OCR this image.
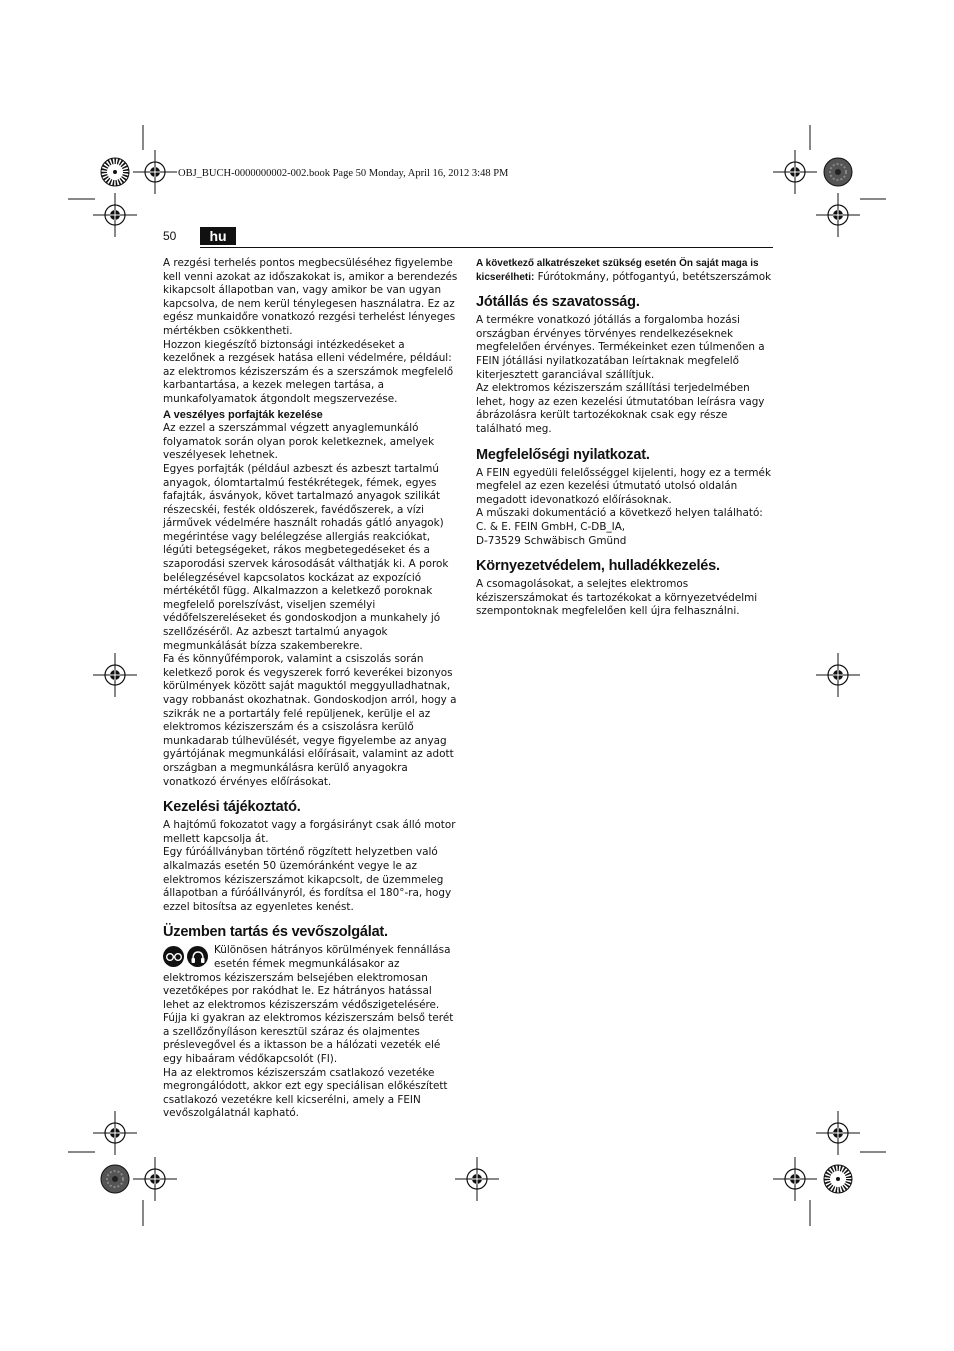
OBJ_BUCH-0000000002-002.book Page 50 Monday, April 16, 2012 3:48 PM
50	hu

A rezgési terhelés pontos megbecsüléséhez figyelembe kell venni azokat az időszakokat is, amikor a berendezés kikapcsolt állapotban van, vagy amikor be van ugyan kapcsolva, de nem kerül ténylegesen használatra. Ez az egész munkaidőre vonatkozó rezgési terhelést lényeges mértékben csökkentheti.

Hozzon kiegészítő biztonsági intézkedéseket a kezelőnek a rezgések hatása elleni védelmére, például: az elektromos kéziszerszám és a szerszámok megfelelő karbantartása, a kezek melegen tartása, a munkafolyamatok átgondolt megszervezése.

A veszélyes porfajták kezelése

Az ezzel a szerszámmal végzett anyaglemunkáló folyamatok során olyan porok keletkeznek, amelyek veszélyesek lehetnek.

Egyes porfajták (például azbeszt és azbeszt tartalmú anyagok, ólomtartalmú festékrétegek, fémek, egyes fafajták, ásványok, követ tartalmazó anyagok szilikát részecskéi, festék oldószerek, favédőszerek, a vízi járművek védelmére használt rohadás gátló anyagok) megérintése vagy belélegzése allergiás reakciókat, légúti betegségeket, rákos megbetegedéseket és a szaporodási szervek károsodását válthatják ki. A porok belélegzésével kapcsolatos kockázat az expozíció mértékétől függ. Alkalmazzon a keletkező poroknak megfelelő porelszívást, viseljen személyi védőfelszereléseket és gondoskodjon a munkahely jó szellőzéséről. Az azbeszt tartalmú anyagok megmunkálását bízza szakemberekre.

Fa és könnyűfémporok, valamint a csiszolás során keletkező porok és vegyszerek forró keverékei bizonyos körülmények között saját maguktól meggyulladhatnak, vagy robbanást okozhatnak. Gondoskodjon arról, hogy a szikrák ne a portartály felé repüljenek, kerülje el az elektromos kéziszerszám és a csiszolásra kerülő munkadarab túlhevülését, vegye figyelembe az anyag gyártójának megmunkálási előírásait, valamint az adott országban a megmunkálásra kerülő anyagokra vonatkozó érvényes előírásokat.

Kezelési tájékoztató.

A hajtómű fokozatot vagy a forgásirányt csak álló motor mellett kapcsolja át.

Egy fúróállványban történő rögzített helyzetben való alkalmazás esetén 50 üzemóránként vegye le az elektromos kéziszerszámot kikapcsolt, de üzemmeleg állapotban a fúróállványról, és fordítsa el 180°-ra, hogy ezzel bitosítsa az egyenletes kenést.

Üzemben tartás és vevőszolgálat.

Különösen hátrányos körülmények fennállása esetén fémek megmunkálásakor az elektromos kéziszerszám belsejében elektromosan vezetőképes por rakódhat le. Ez hátrányos hatással lehet az elektromos kéziszerszám védőszigetelésére. Fújja ki gyakran az elektromos kéziszerszám belső terét a szellőzőnyíláson keresztül száraz és olajmentes préslevegővel és a iktasson be a hálózati vezeték elé egy hibaáram védőkapcsolót (FI).

Ha az elektromos kéziszerszám csatlakozó vezetéke megrongálódott, akkor ezt egy speciálisan előkészített csatlakozó vezetékre kell kicserélni, amely a FEIN vevőszolgálatnál kapható.

A következő alkatrészeket szükség esetén Ön saját maga is kicserélheti: Fúrótokmány, pótfogantyú, betétszerszámok

Jótállás és szavatosság.

A termékre vonatkozó jótállás a forgalomba hozási országban érvényes törvényes rendelkezéseknek megfelelően érvényes. Termékeinket ezen túlmenően a FEIN jótállási nyilatkozatában leírtaknak megfelelő kiterjesztett garanciával szállítjuk.

Az elektromos kéziszerszám szállítási terjedelmében lehet, hogy az ezen kezelési útmutatóban leírásra vagy ábrázolásra került tartozékoknak csak egy része található meg.

Megfelelőségi nyilatkozat.

A FEIN egyedüli felelősséggel kijelenti, hogy ez a termék megfelel az ezen kezelési útmutató utolsó oldalán megadott idevonatkozó előírásoknak.

A műszaki dokumentáció a következő helyen található:

C. & E. FEIN GmbH, C-DB_IA,

D-73529 Schwäbisch Gmünd

Környezetvédelem, hulladékkezelés.

A csomagolásokat, a selejtes elektromos kéziszerszámokat és tartozékokat a környezetvédelmi szempontoknak megfelelően kell újra felhasználni.
